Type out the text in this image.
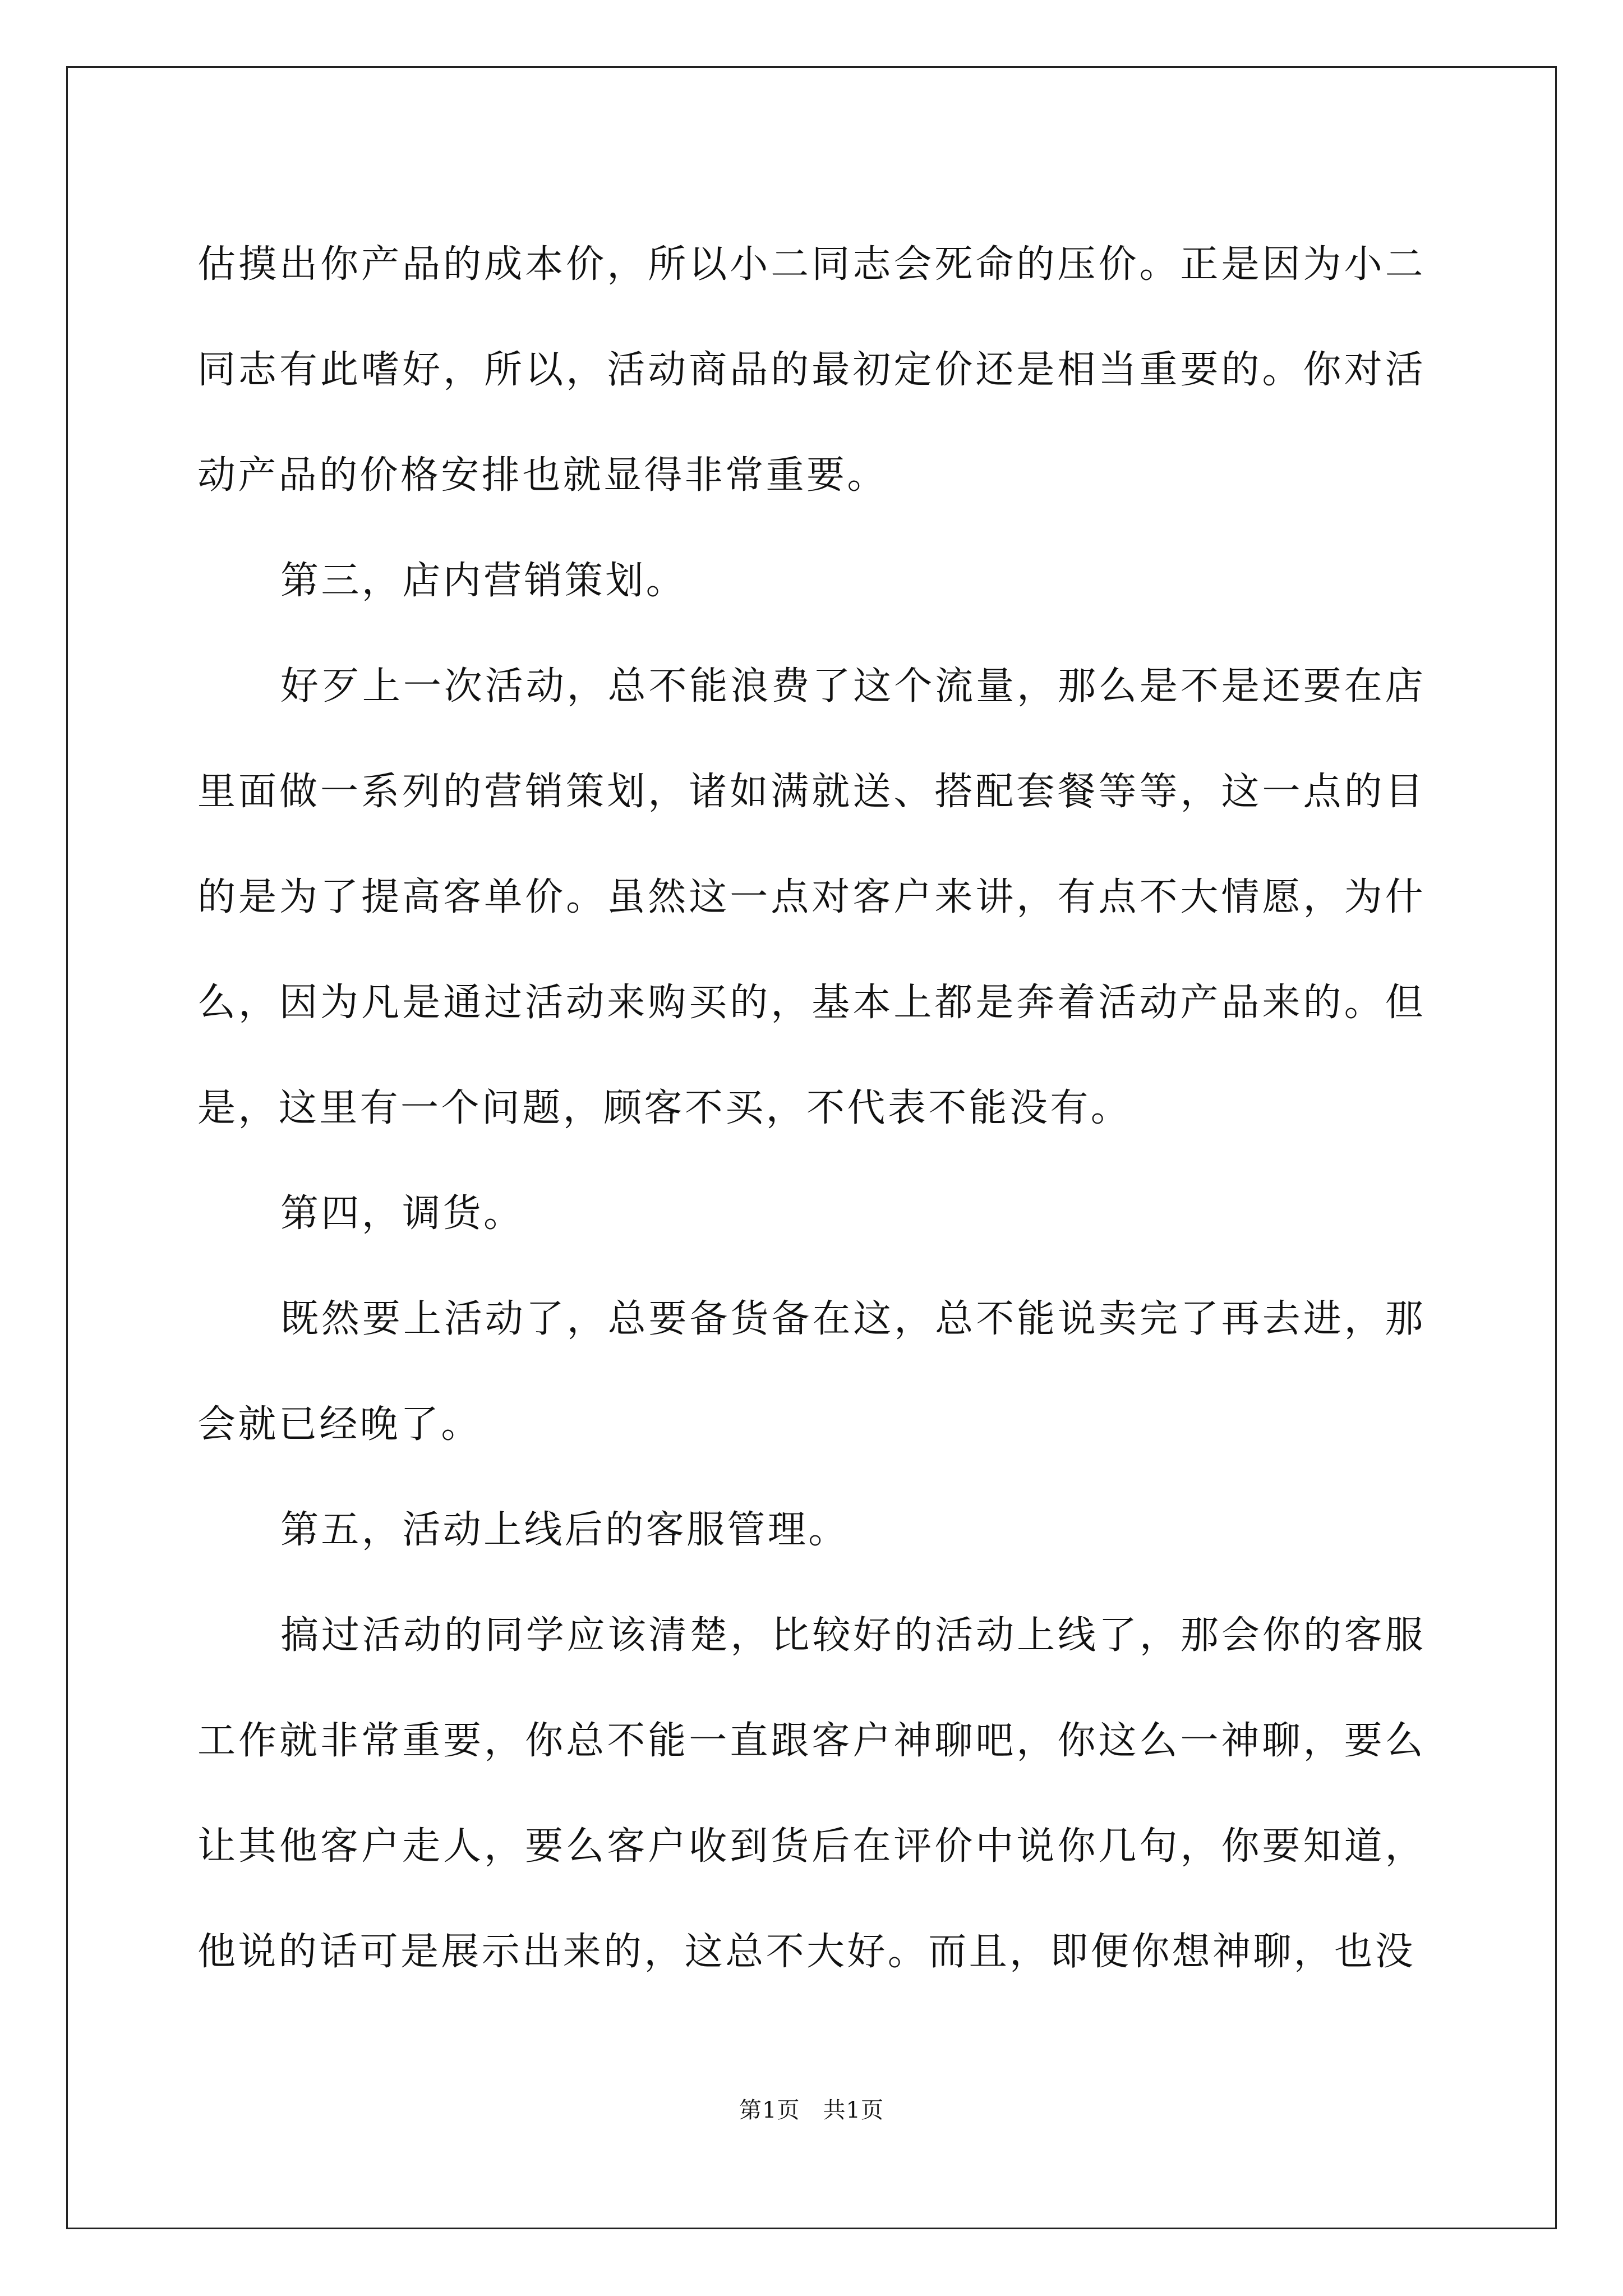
估摸出你产品的成本价，所以小二同志会死命的压价。正是因为小二同志有此嗜好，所以，活动商品的最初定价还是相当重要的。你对活动产品的价格安排也就显得非常重要。

第三，店内营销策划。

好歹上一次活动，总不能浪费了这个流量，那么是不是还要在店里面做一系列的营销策划，诸如满就送、搭配套餐等等，这一点的目的是为了提高客单价。虽然这一点对客户来讲，有点不大情愿，为什么，因为凡是通过活动来购买的，基本上都是奔着活动产品来的。但是，这里有一个问题，顾客不买，不代表不能没有。

第四，调货。

既然要上活动了，总要备货备在这，总不能说卖完了再去进，那会就已经晚了。

第五，活动上线后的客服管理。

搞过活动的同学应该清楚，比较好的活动上线了，那会你的客服工作就非常重要，你总不能一直跟客户神聊吧，你这么一神聊，要么让其他客户走人，要么客户收到货后在评价中说你几句，你要知道，他说的话可是展示出来的，这总不大好。而且，即便你想神聊，也没

第1页　共1页
